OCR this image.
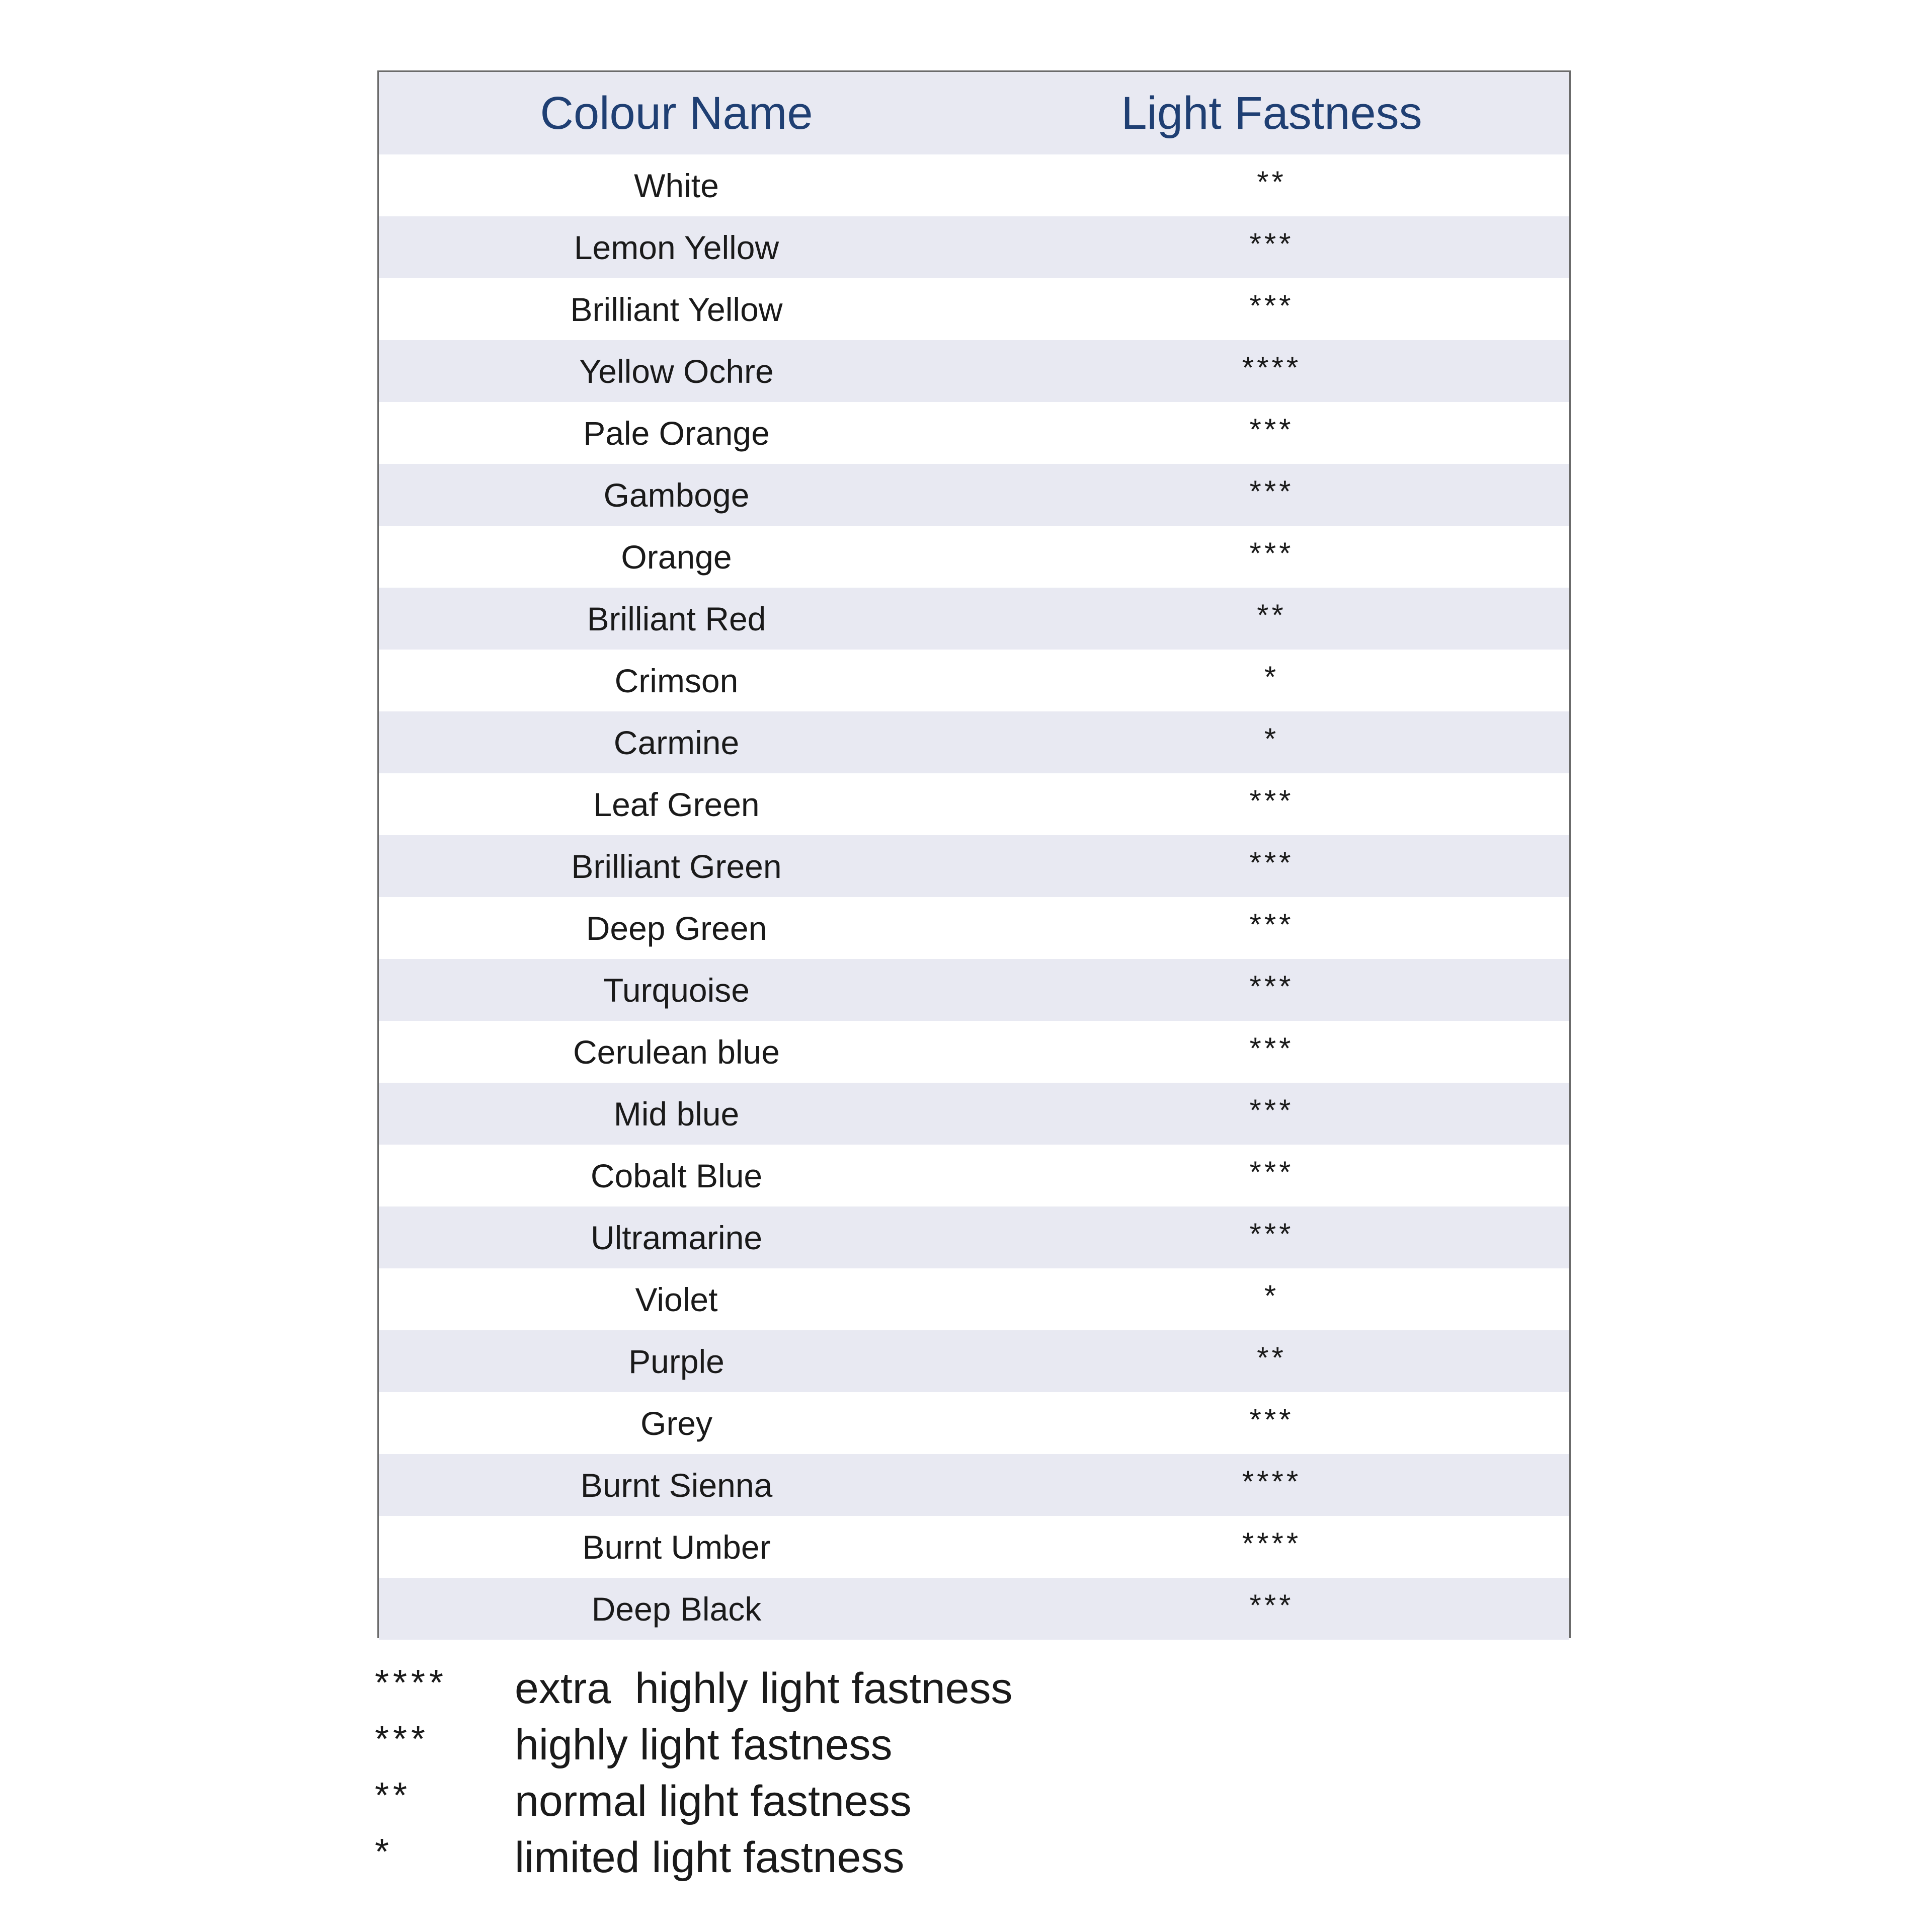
Colour Name	Light Fastness
White	**
Lemon Yellow	***
Brilliant Yellow	***
Yellow Ochre	****
Pale Orange	***
Gamboge	***
Orange	***
Brilliant Red	**
Crimson	*
Carmine	*
Leaf Green	***
Brilliant Green	***
Deep Green	***
Turquoise	***
Cerulean blue	***
Mid blue	***
Cobalt Blue	***
Ultramarine	***
Violet	*
Purple	**
Grey	***
Burnt Sienna	****
Burnt Umber	****
Deep Black	***
****	extra  highly light fastness
***	highly light fastness
**	normal light fastness
*	limited light fastness
